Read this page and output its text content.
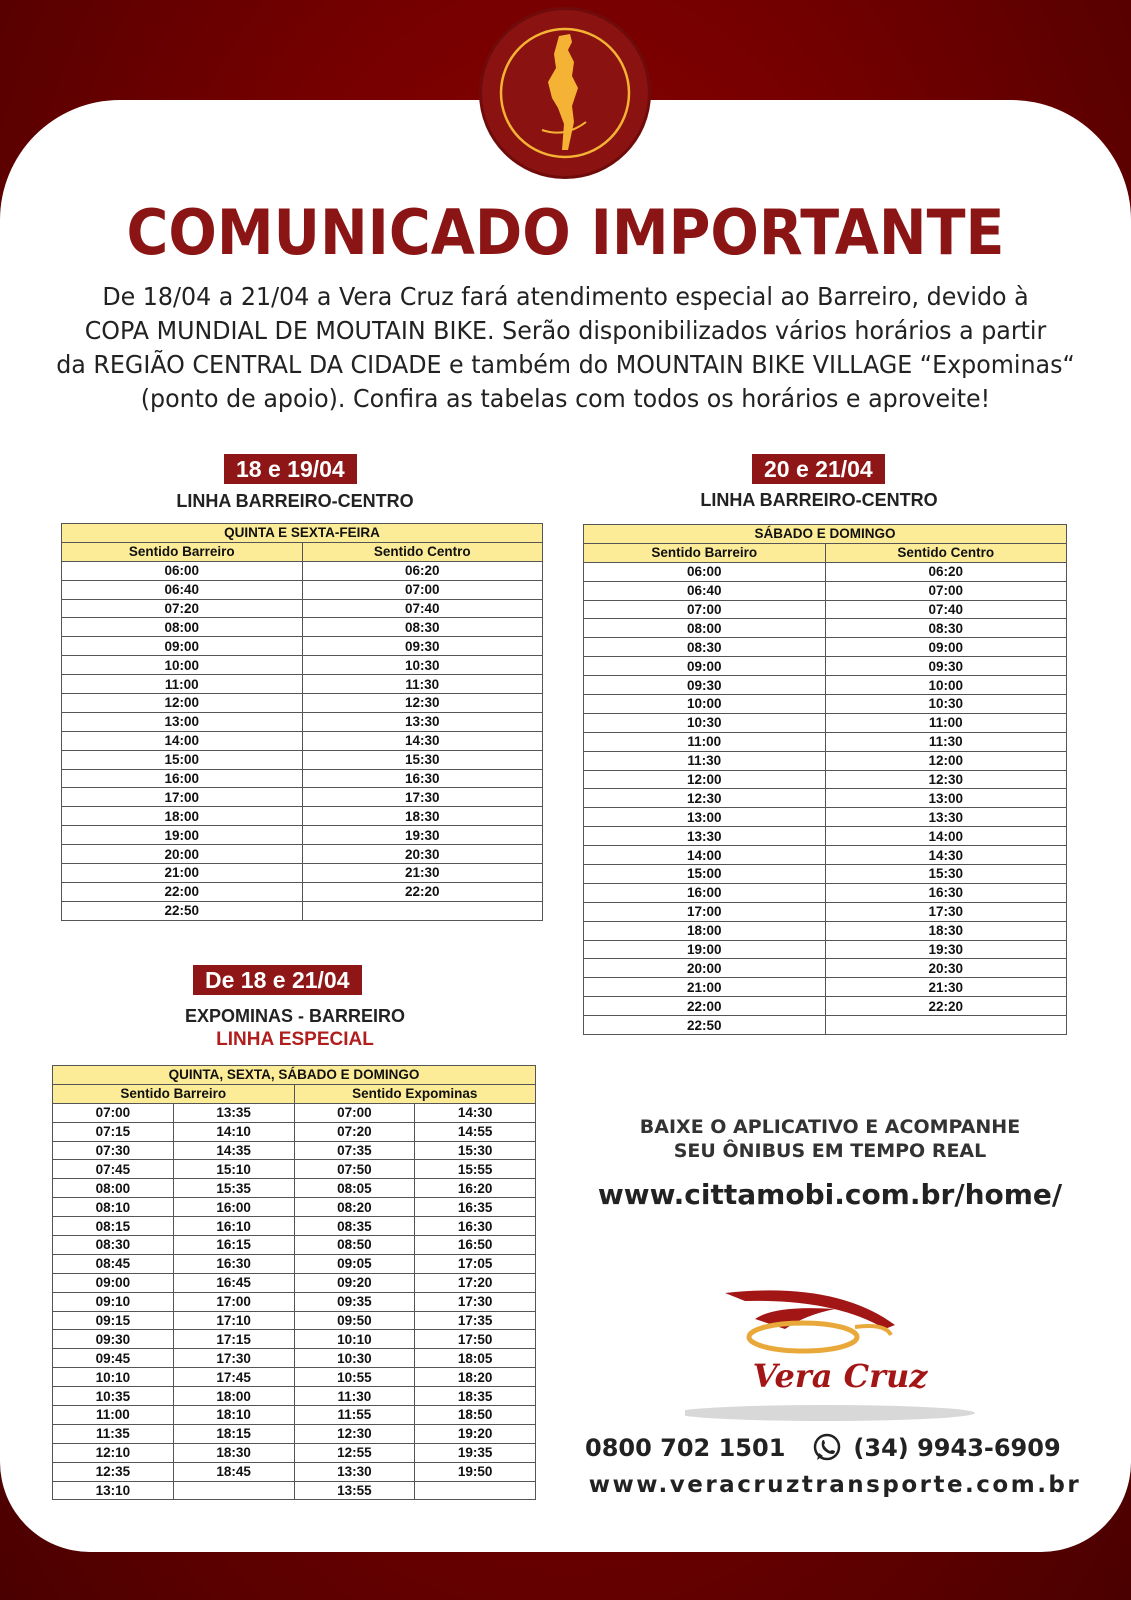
COMUNICADO IMPORTANTE

De 18/04 a 21/04 a Vera Cruz fará atendimento especial ao Barreiro, devido à

COPA MUNDIAL DE MOUTAIN BIKE. Serão disponibilizados vários horários a partir

da REGIÃO CENTRAL DA CIDADE e também do MOUNTAIN BIKE VILLAGE “Expominas“

(ponto de apoio). Confira as tabelas com todos os horários e aproveite!

18 e 19/04
LINHA BARREIRO-CENTRO
QUINTA E SEXTA-FEIRA	
Sentido Barreiro	Sentido Centro
06:00	06:20
06:40	07:00
07:20	07:40
08:00	08:30
09:00	09:30
10:00	10:30
11:00	11:30
12:00	12:30
13:00	13:30
14:00	14:30
15:00	15:30
16:00	16:30
17:00	17:30
18:00	18:30
19:00	19:30
20:00	20:30
21:00	21:30
22:00	22:20
22:50	
20 e 21/04
LINHA BARREIRO-CENTRO
SÁBADO E DOMINGO	
Sentido Barreiro	Sentido Centro
06:00	06:20
06:40	07:00
07:00	07:40
08:00	08:30
08:30	09:00
09:00	09:30
09:30	10:00
10:00	10:30
10:30	11:00
11:00	11:30
11:30	12:00
12:00	12:30
12:30	13:00
13:00	13:30
13:30	14:00
14:00	14:30
15:00	15:30
16:00	16:30
17:00	17:30
18:00	18:30
19:00	19:30
20:00	20:30
21:00	21:30
22:00	22:20
22:50	
De 18 e 21/04
EXPOMINAS - BARREIRO
LINHA ESPECIAL
QUINTA, SEXTA, SÁBADO E DOMINGO			
Sentido Barreiro		Sentido Expominas	
07:00	13:35	07:00	14:30
07:15	14:10	07:20	14:55
07:30	14:35	07:35	15:30
07:45	15:10	07:50	15:55
08:00	15:35	08:05	16:20
08:10	16:00	08:20	16:35
08:15	16:10	08:35	16:30
08:30	16:15	08:50	16:50
08:45	16:30	09:05	17:05
09:00	16:45	09:20	17:20
09:10	17:00	09:35	17:30
09:15	17:10	09:50	17:35
09:30	17:15	10:10	17:50
09:45	17:30	10:30	18:05
10:10	17:45	10:55	18:20
10:35	18:00	11:30	18:35
11:00	18:10	11:55	18:50
11:35	18:15	12:30	19:20
12:10	18:30	12:55	19:35
12:35	18:45	13:30	19:50
13:10		13:55	

BAIXE O APLICATIVO E ACOMPANHE

SEU ÔNIBUS EM TEMPO REAL

www.cittamobi.com.br/home/
Vera Cruz
0800 702 1501	(34) 9943-6909
www.veracruztransporte.com.br
